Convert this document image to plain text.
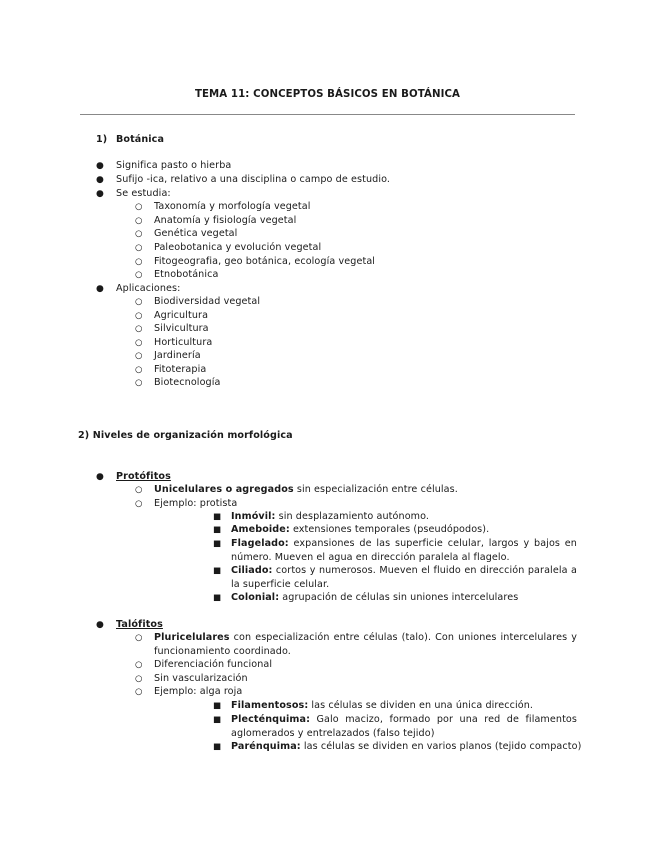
TEMA 11: CONCEPTOS BÁSICOS EN BOTÁNICA
1) Botánica
● Significa pasto o hierba
● Sufijo -ica, relativo a una disciplina o campo de estudio.
● Se estudia:
○ Taxonomía y morfología vegetal
○ Anatomía y fisiología vegetal
○ Genética vegetal
○ Paleobotanica y evolución vegetal
○ Fitogeografia, geo botánica, ecología vegetal
○ Etnobotánica
● Aplicaciones:
○ Biodiversidad vegetal
○ Agricultura
○ Silvicultura
○ Horticultura
○ Jardinería
○ Fitoterapia
○ Biotecnología
2) Niveles de organización morfológica
● Protófitos
○ Unicelulares o agregados sin especialización entre células.
○ Ejemplo: protista
■ Inmóvil: sin desplazamiento autónomo.
■ Ameboide: extensiones temporales (pseudópodos).
■ Flagelado: expansiones de las superficie celular, largos y bajos en número. Mueven el agua en dirección paralela al flagelo.
■ Ciliado: cortos y numerosos. Mueven el fluido en dirección paralela a la superficie celular.
■ Colonial: agrupación de células sin uniones intercelulares
● Talófitos
○ Pluricelulares con especialización entre células (talo). Con uniones intercelulares y funcionamiento coordinado.
○ Diferenciación funcional
○ Sin vascularización
○ Ejemplo: alga roja
■ Filamentosos: las células se dividen en una única dirección.
■ Plecténquima: Galo macizo, formado por una red de filamentos aglomerados y entrelazados (falso tejido)
■ Parénquima: las células se dividen en varios planos (tejido compacto)
